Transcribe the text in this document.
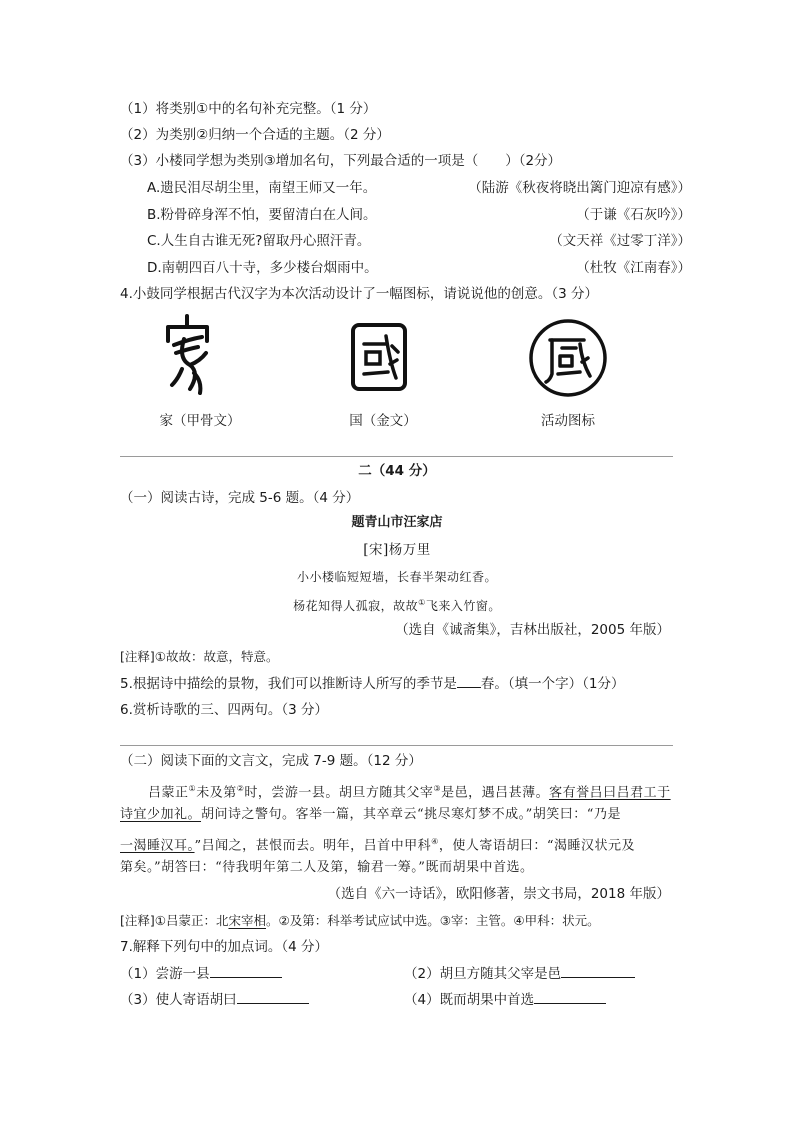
（1）将类别①中的名句补充完整。（1 分）
（2）为类别②归纳一个合适的主题。（2 分）
（3）小楼同学想为类别③增加名句，下列最合适的一项是（　　）（2分）
A.遗民泪尽胡尘里，南望王师又一年。	（陆游《秋夜将晓出篱门迎凉有感》）
B.粉骨碎身浑不怕，要留清白在人间。	（于谦《石灰吟》）
C.人生自古谁无死?留取丹心照汗青。	（文天祥《过零丁洋》）
D.南朝四百八十寺，多少楼台烟雨中。	（杜牧《江南春》）
4.小鼓同学根据古代汉字为本次活动设计了一幅图标，请说说他的创意。（3 分）
家（甲骨文）	国（金文）	活动图标
二（44 分）
（一）阅读古诗，完成 5-6 题。（4 分）
题青山市汪家店
[宋]杨万里
小小楼临短短墙，长春半架动红香。
杨花知得人孤寂，故故①飞来入竹窗。
（选自《诚斋集》，吉林出版社，2005 年版）
[注释]①故故：故意，特意。
5.根据诗中描绘的景物，我们可以推断诗人所写的季节是 春。（填一个字）（1分）
6.赏析诗歌的三、四两句。（3 分）
（二）阅读下面的文言文，完成 7-9 题。（12 分）
吕蒙正①未及第②时，尝游一县。胡旦方随其父宰③是邑，遇吕甚薄。客有誉吕曰吕君工于
诗宜少加礼。胡问诗之警句。客举一篇，其卒章云“挑尽寒灯梦不成。”胡笑曰：“乃是
一渴睡汉耳。”吕闻之，甚恨而去。明年，吕首中甲科④，使人寄语胡曰：“渴睡汉状元及
第矣。”胡答曰：“待我明年第二人及第，输君一筹。”既而胡果中首选。
（选自《六一诗话》，欧阳修著，崇文书局，2018 年版）
[注释]①吕蒙正：北宋宰相。②及第：科举考试应试中选。③宰：主管。④甲科：状元。
7.解释下列句中的加点词。（4 分）
（1）尝游一县	（2）胡旦方随其父宰是邑
（3）使人寄语胡曰	（4）既而胡果中首选
